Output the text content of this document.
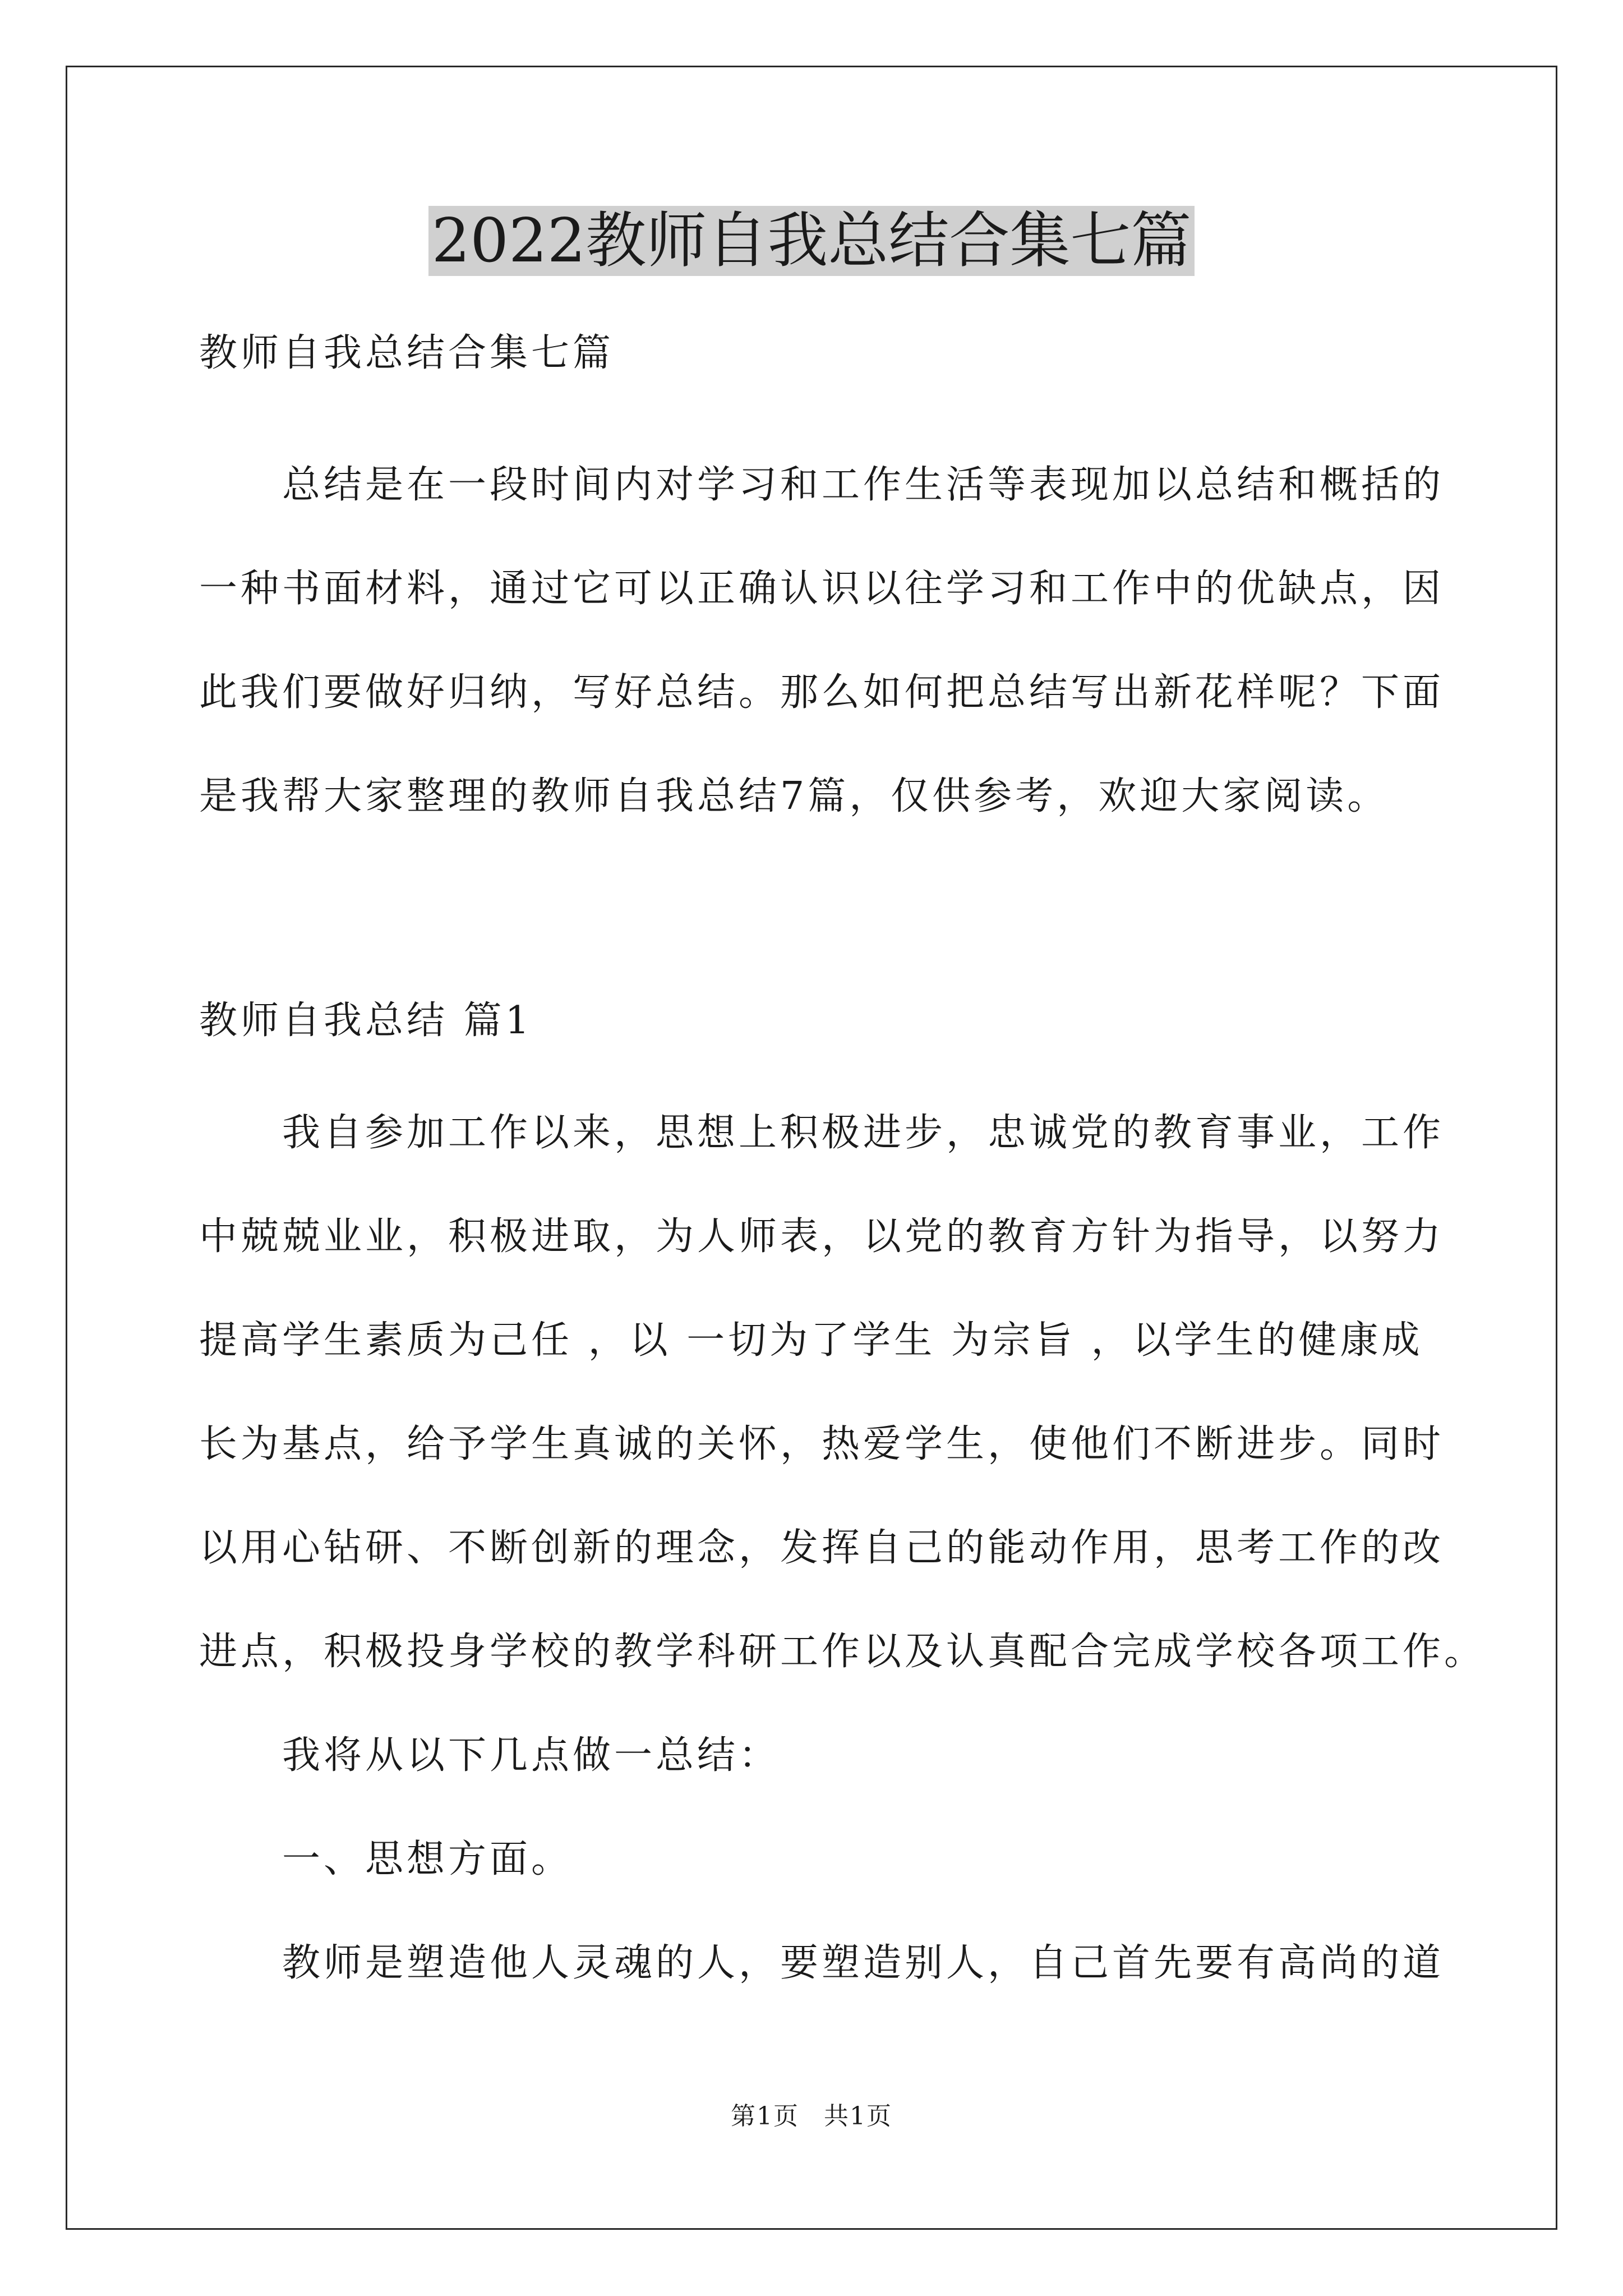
2022教师自我总结合集七篇
教师自我总结合集七篇
总结是在一段时间内对学习和工作生活等表现加以总结和概括的
一种书面材料，通过它可以正确认识以往学习和工作中的优缺点，因
此我们要做好归纳，写好总结。那么如何把总结写出新花样呢？下面
是我帮大家整理的教师自我总结7篇，仅供参考，欢迎大家阅读。
教师自我总结 篇1
我自参加工作以来，思想上积极进步，忠诚党的教育事业，工作
中兢兢业业，积极进取，为人师表，以党的教育方针为指导，以努力
提高学生素质为己任 ，以 一切为了学生 为宗旨 ，以学生的健康成
长为基点，给予学生真诚的关怀，热爱学生，使他们不断进步。同时
以用心钻研、不断创新的理念，发挥自己的能动作用，思考工作的改
进点，积极投身学校的教学科研工作以及认真配合完成学校各项工作。
我将从以下几点做一总结：
一、思想方面。
教师是塑造他人灵魂的人，要塑造别人，自己首先要有高尚的道
第1页 共1页
